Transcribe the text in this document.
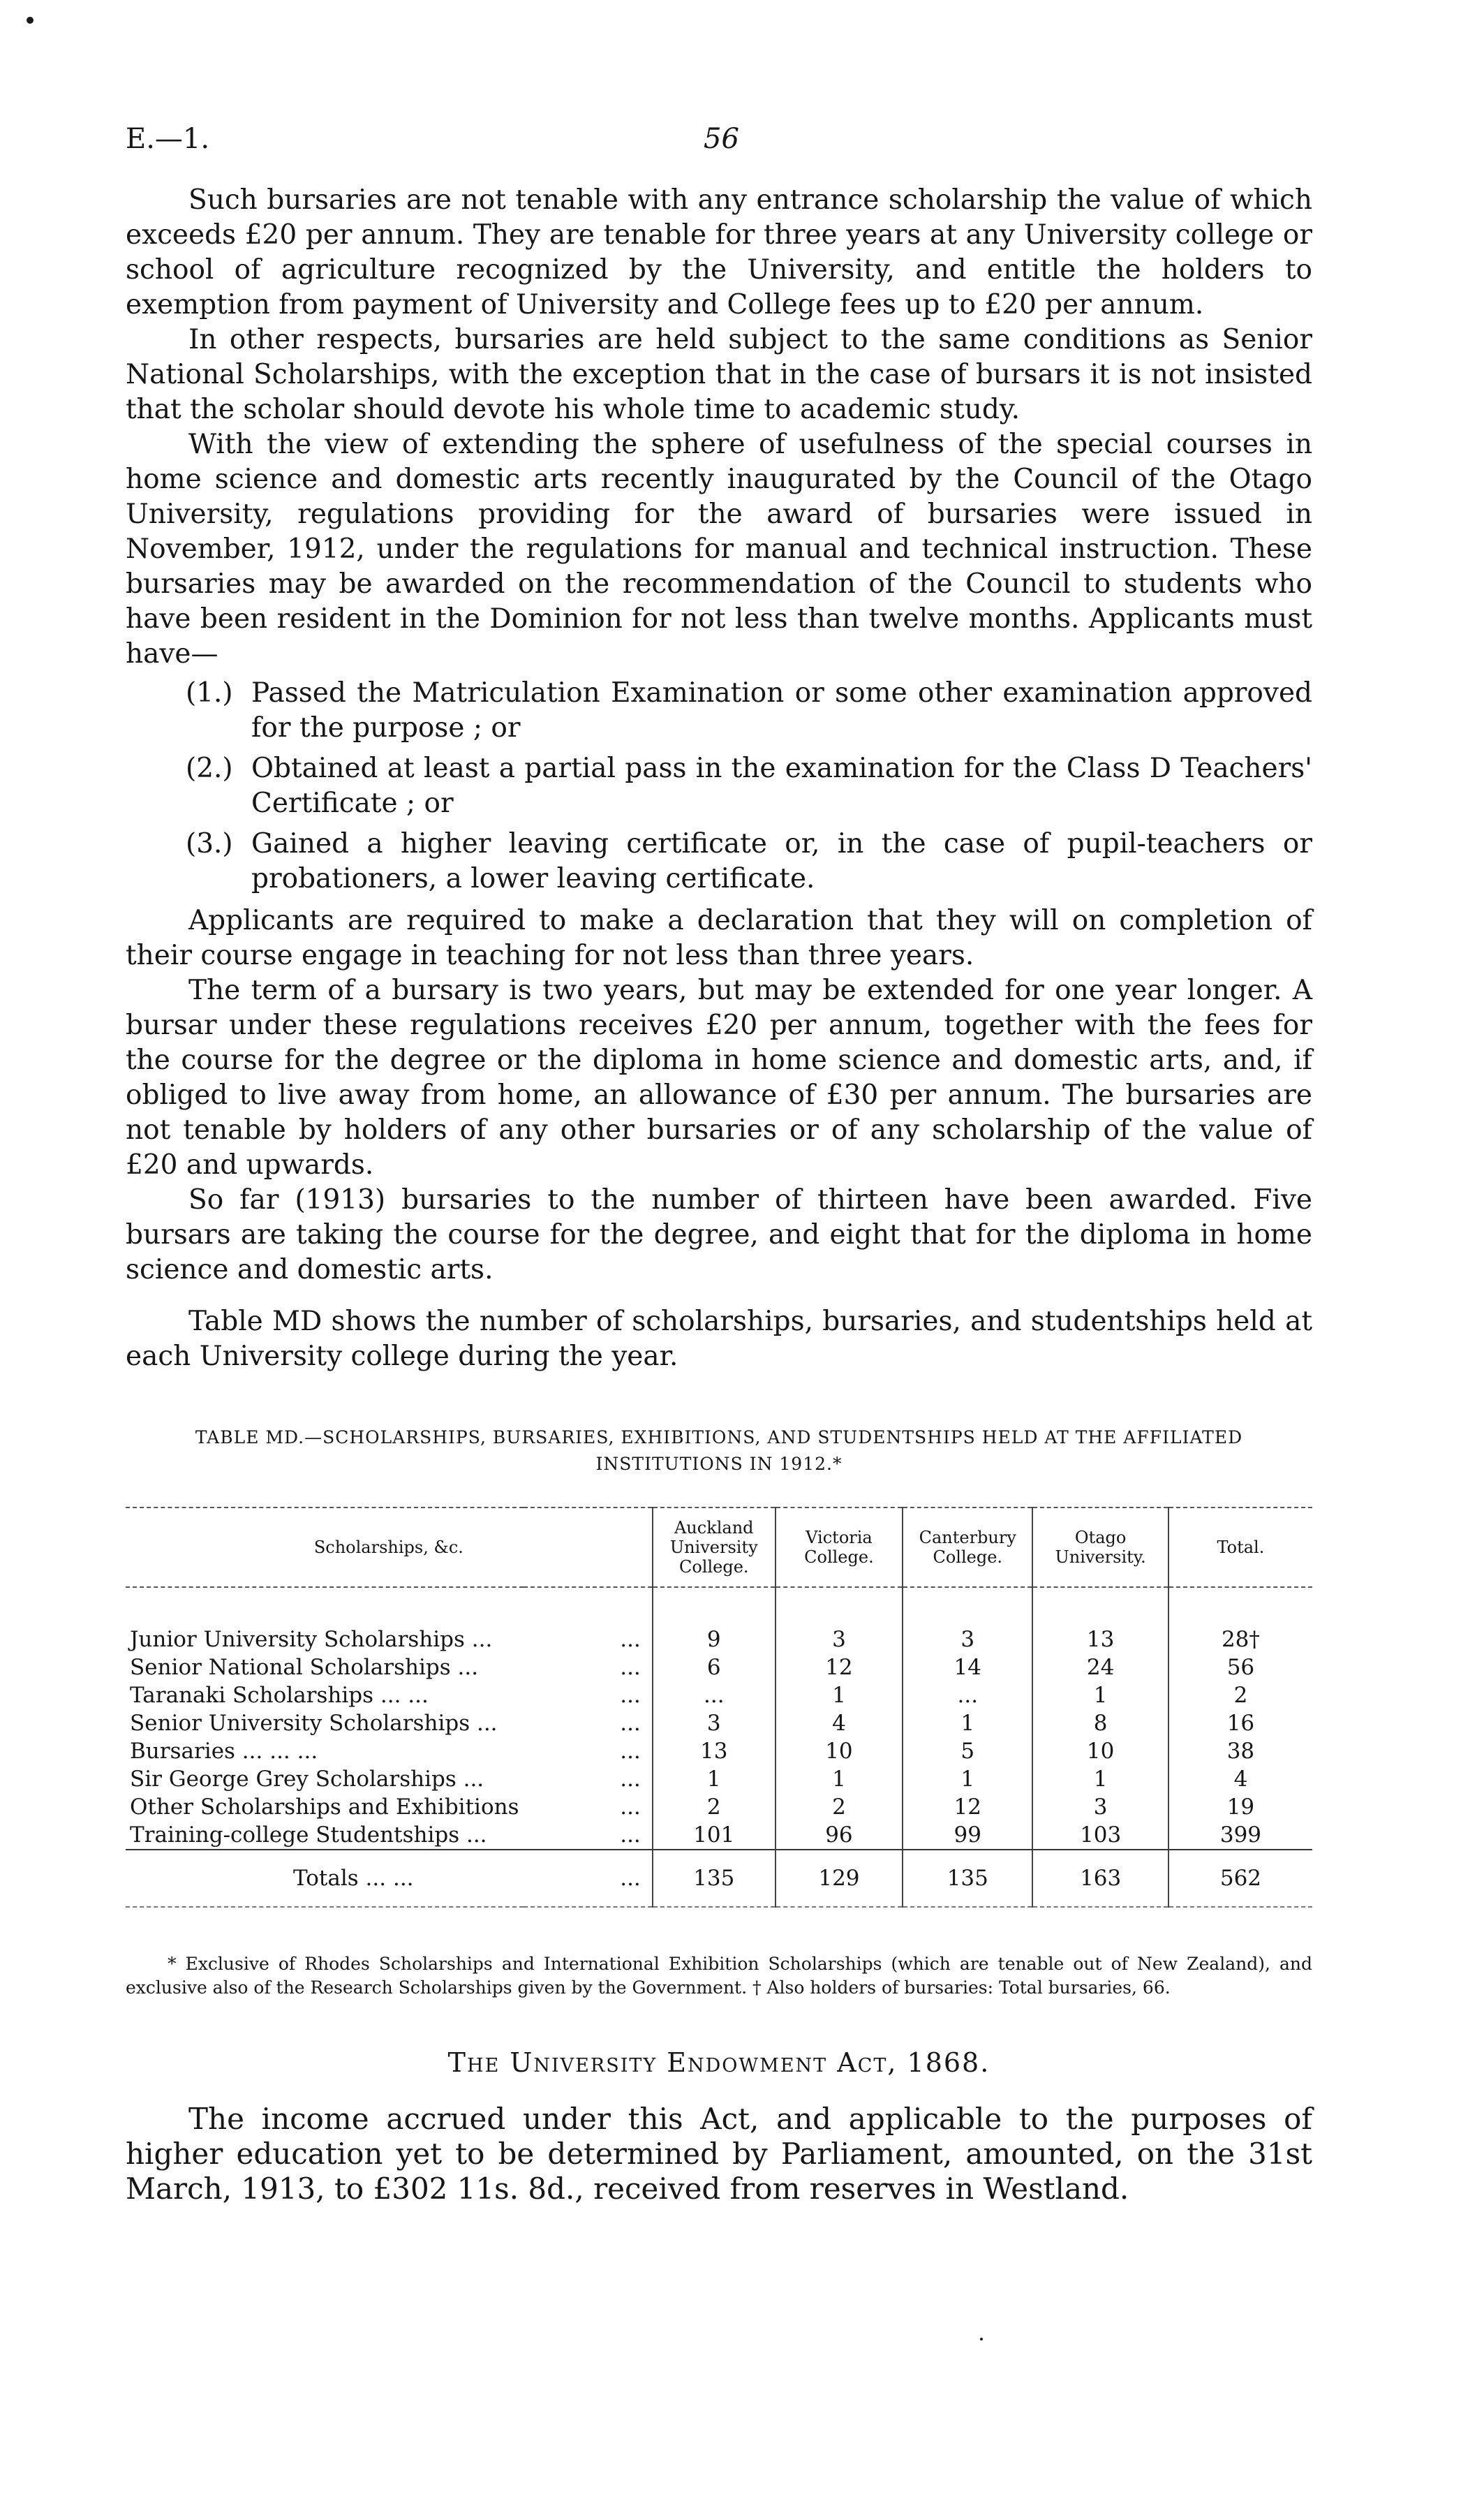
E.—1.	56

Such bursaries are not tenable with any entrance scholarship the value of which exceeds £20 per annum. They are tenable for three years at any University college or school of agriculture recognized by the University, and entitle the holders to exemption from payment of University and College fees up to £20 per annum.

In other respects, bursaries are held subject to the same conditions as Senior National Scholarships, with the exception that in the case of bursars it is not insisted that the scholar should devote his whole time to academic study.

With the view of extending the sphere of usefulness of the special courses in home science and domestic arts recently inaugurated by the Council of the Otago University, regulations providing for the award of bursaries were issued in November, 1912, under the regulations for manual and technical instruction. These bursaries may be awarded on the recommendation of the Council to students who have been resident in the Dominion for not less than twelve months. Applicants must have—

(1.) Passed the Matriculation Examination or some other examination approved for the purpose ; or
(2.) Obtained at least a partial pass in the examination for the Class D Teachers' Certificate ; or
(3.) Gained a higher leaving certificate or, in the case of pupil-teachers or probationers, a lower leaving certificate.

Applicants are required to make a declaration that they will on completion of their course engage in teaching for not less than three years.

The term of a bursary is two years, but may be extended for one year longer. A bursar under these regulations receives £20 per annum, together with the fees for the course for the degree or the diploma in home science and domestic arts, and, if obliged to live away from home, an allowance of £30 per annum. The bursaries are not tenable by holders of any other bursaries or of any scholarship of the value of £20 and upwards.

So far (1913) bursaries to the number of thirteen have been awarded. Five bursars are taking the course for the degree, and eight that for the diploma in home science and domestic arts.

Table MD shows the number of scholarships, bursaries, and studentships held at each University college during the year.

TABLE MD.—SCHOLARSHIPS, BURSARIES, EXHIBITIONS, AND STUDENTSHIPS HELD AT THE AFFILIATED INSTITUTIONS IN 1912.*
Scholarships, &c.		Auckland University College.	Victoria College.	Canterbury College.	Otago University.	Total.

Junior University Scholarships ...	...	9	3	3	13	28†
Senior National Scholarships ...	...	6	12	14	24	56
Taranaki Scholarships ... ...	...	...	1	...	1	2
Senior University Scholarships ...	...	3	4	1	8	16
Bursaries ... ... ...	...	13	10	5	10	38
Sir George Grey Scholarships ...	...	1	1	1	1	4
Other Scholarships and Exhibitions	...	2	2	12	3	19
Training-college Studentships ...	...	101	96	99	103	399
Totals ... ...	...	135	129	135	163	562

* Exclusive of Rhodes Scholarships and International Exhibition Scholarships (which are tenable out of New Zealand), and exclusive also of the Research Scholarships given by the Government. † Also holders of bursaries: Total bursaries, 66.
The University Endowment Act, 1868.

The income accrued under this Act, and applicable to the purposes of higher education yet to be determined by Parliament, amounted, on the 31st March, 1913, to £302 11s. 8d., received from reserves in Westland.
